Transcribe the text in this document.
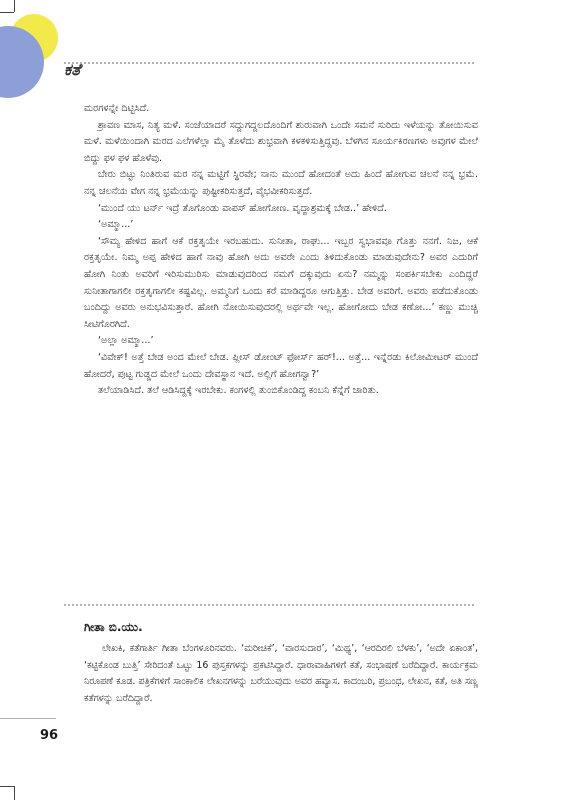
ಕತೆ

ಮರಗಳನ್ನೇ ದಿಟ್ಟಿಸಿದೆ.

ಶ್ರಾವಣ ಮಾಸ, ನಿತ್ಯ ಮಳೆ. ಸಂಜೆಯಾದರೆ ಸದ್ದುಗದ್ದಲದೊಂದಿಗೆ ಶುರುವಾಗಿ ಒಂದೇ ಸಮನೆ ಸುರಿದು ಇಳೆಯನ್ನು ತೋಯಿಸುವ ಮಳೆ. ಮಳೆಯಿಂದಾಗಿ ಮರದ ಎಲೆಗಳೆಲ್ಲಾ ಮೈ ತೊಳೆದು ಶುಭ್ರವಾಗಿ ಕಳಕಳಿಸುತ್ತಿದ್ದವು. ಬೆಳಗಿನ ಸೂರ್ಯಕಿರಣಗಳು ಅವುಗಳ ಮೇಲೆ ಬಿದ್ದು ಫಳ ಫಳ ಹೊಳೆವು.

ಬೇರು ಬಿಟ್ಟು ನಿಂತಿರುವ ಮರ ನನ್ನ ಮಟ್ಟಿಗೆ ಸ್ಥಿರವೇ; ನಾನು ಮುಂದೆ ಹೋದಂತೆ ಅದು ಹಿಂದೆ ಹೋಗುವ ಚಲನೆ ನನ್ನ ಭ್ರಮೆ. ನನ್ನ ಚಲನೆಯ ವೇಗ ನನ್ನ ಭ್ರಮೆಯನ್ನು ಪುಷ್ಟೀಕರಿಸುತ್ತದೆ, ವೈಭವೀಕರಿಸುತ್ತದೆ.

‘ಮುಂದೆ ಯು ಟರ್ನ್ ಇದ್ರೆ ತೊಗೊಂಡು ವಾಪಸ್ ಹೋಗೋಣ. ವೃದ್ಧಾಶ್ರಮಕ್ಕೆ ಬೇಡ..’ ಹೇಳಿದೆ.

‘ಅಮ್ಮಾ...’

‘ಸೌಮ್ಯ ಹೇಳಿದ ಹಾಗೆ ಆಕೆ ರಕ್ತತೃಯೇ ಇರಬಹುದು. ಸುನೀತಾ, ರಾಘು... ಇಬ್ಬರ ಸ್ವಭಾವವೂ ಗೊತ್ತು ನನಗೆ. ನಿಜ, ಆಕೆ ರಕ್ತತೃಯೇ. ನಿಮ್ಮ ಅಪ್ಪ ಹೇಳಿದ ಹಾಗೆ ನಾವು ಹೋಗಿ ಅದು ಅವರೇ ಎಂದು ತಿಳಿದುಕೊಂಡು ಮಾಡುವುದೇನು? ಅವರ ಎದುರಿಗೆ ಹೋಗಿ ನಿಂತು ಅವರಿಗೆ ಇರಿಸುಮುರಿಸು ಮಾಡುವುದರಿಂದ ನಮಗೆ ದಕ್ಕುವುದು ಏನು? ನಮ್ಮನ್ನು ಸಂಪರ್ಕಿಸಬೇಕು ಎಂದಿದ್ದರೆ ಸುನೀತಾಗಾಗಲೀ ರಕ್ತತೃಗಾಗಲೀ ಕಷ್ಟವಿಲ್ಲ. ಅಮ್ಮನಿಗೆ ಒಂದು ಕರೆ ಮಾಡಿದ್ದರೂ ಆಗುತ್ತಿತ್ತು. ಬೇಡ ಅವರಿಗೆ. ಅವರು ಪಡೆದುಕೊಂಡು ಬಂದಿದ್ದು ಅವರು ಅನುಭವಿಸುತ್ತಾರೆ. ಹೋಗಿ ನೋಯಿಸುವುದರಲ್ಲಿ ಅರ್ಥವೇ ಇಲ್ಲ. ಹೋಗೋದು ಬೇಡ ಕಣೋ...’ ಕಣ್ಣು ಮುಚ್ಚಿ ಸೀಟಿಗೊರಗಿದೆ.

‘ಅಲ್ಲಾ ಅಮ್ಮಾ...’

‘ವಿವೇಕ್! ಅತ್ತೆ ಬೇಡ ಅಂದ ಮೇಲೆ ಬೇಡ. ಪ್ಲೀಸ್ ಡೋಂಟ್ ಫೋರ್ಸ್ ಹರ್!... ಅತ್ತೆ... ಇನ್ನೆರಡು ಕಿಲೋಮೀಟರ್ ಮುಂದೆ ಹೋದರೆ, ಪುಟ್ಟ ಗುಡ್ಡದ ಮೇಲೆ ಒಂದು ದೇವಸ್ಥಾನ ಇದೆ. ಅಲ್ಲಿಗೆ ಹೋಗನ್ವಾ?’

ತಲೆಯಾಡಿಸಿದೆ. ತಲೆ ಆಡಿಸಿದ್ದಕ್ಕೆ ಇರಬೇಕು. ಕಂಗಳಲ್ಲಿ ತುಂಬಿಕೊಂಡಿದ್ದ ಕಂಬನಿ ಕೆನ್ನೆಗೆ ಜಾರಿತು.

ಗೀತಾ ಬಿ.ಯು.

ಲೇಖಕಿ, ಕತೆಗಾರ್ತಿ ಗೀತಾ ಬೆಂಗಳೂರಿನವರು. ‘ಮರೀಚಿಕೆ’, ‘ವಾರಸುದಾರ’, ‘ಮಿಥ್ಯ’, ‘ಆರದಿರಲಿ ಬೆಳಕು’, ‘ಅದೇ ಏಕಾಂತ’, ‘ಕಟ್ಟಿಕೊಂಡ ಬುತ್ತಿ’ ಸೇರಿದಂತೆ ಒಟ್ಟು 16 ಪುಸ್ತಕಗಳನ್ನು ಪ್ರಕಟಿಸಿದ್ದಾರೆ. ಧಾರಾವಾಹಿಗಳಿಗೆ ಕತೆ, ಸಂಭಾಷಣೆ ಬರೆದಿದ್ದಾರೆ. ಕಾರ್ಯಕ್ರಮ ನಿರೂಪಣೆ ಕೂಡ. ಪತ್ರಿಕೆಗಳಿಗೆ ಸಾಂಕಾಲಿಕ ಲೇಖನಗಳನ್ನು ಬರೆಯುವುದು ಅವರ ಹವ್ಯಾಸ. ಕಾದಂಬರಿ, ಪ್ರಬಂಧ, ಲೇಖನ, ಕತೆ, ಅತಿ ಸಣ್ಣ ಕತೆಗಳನ್ನು ಬರೆದಿದ್ದಾರೆ.

96
